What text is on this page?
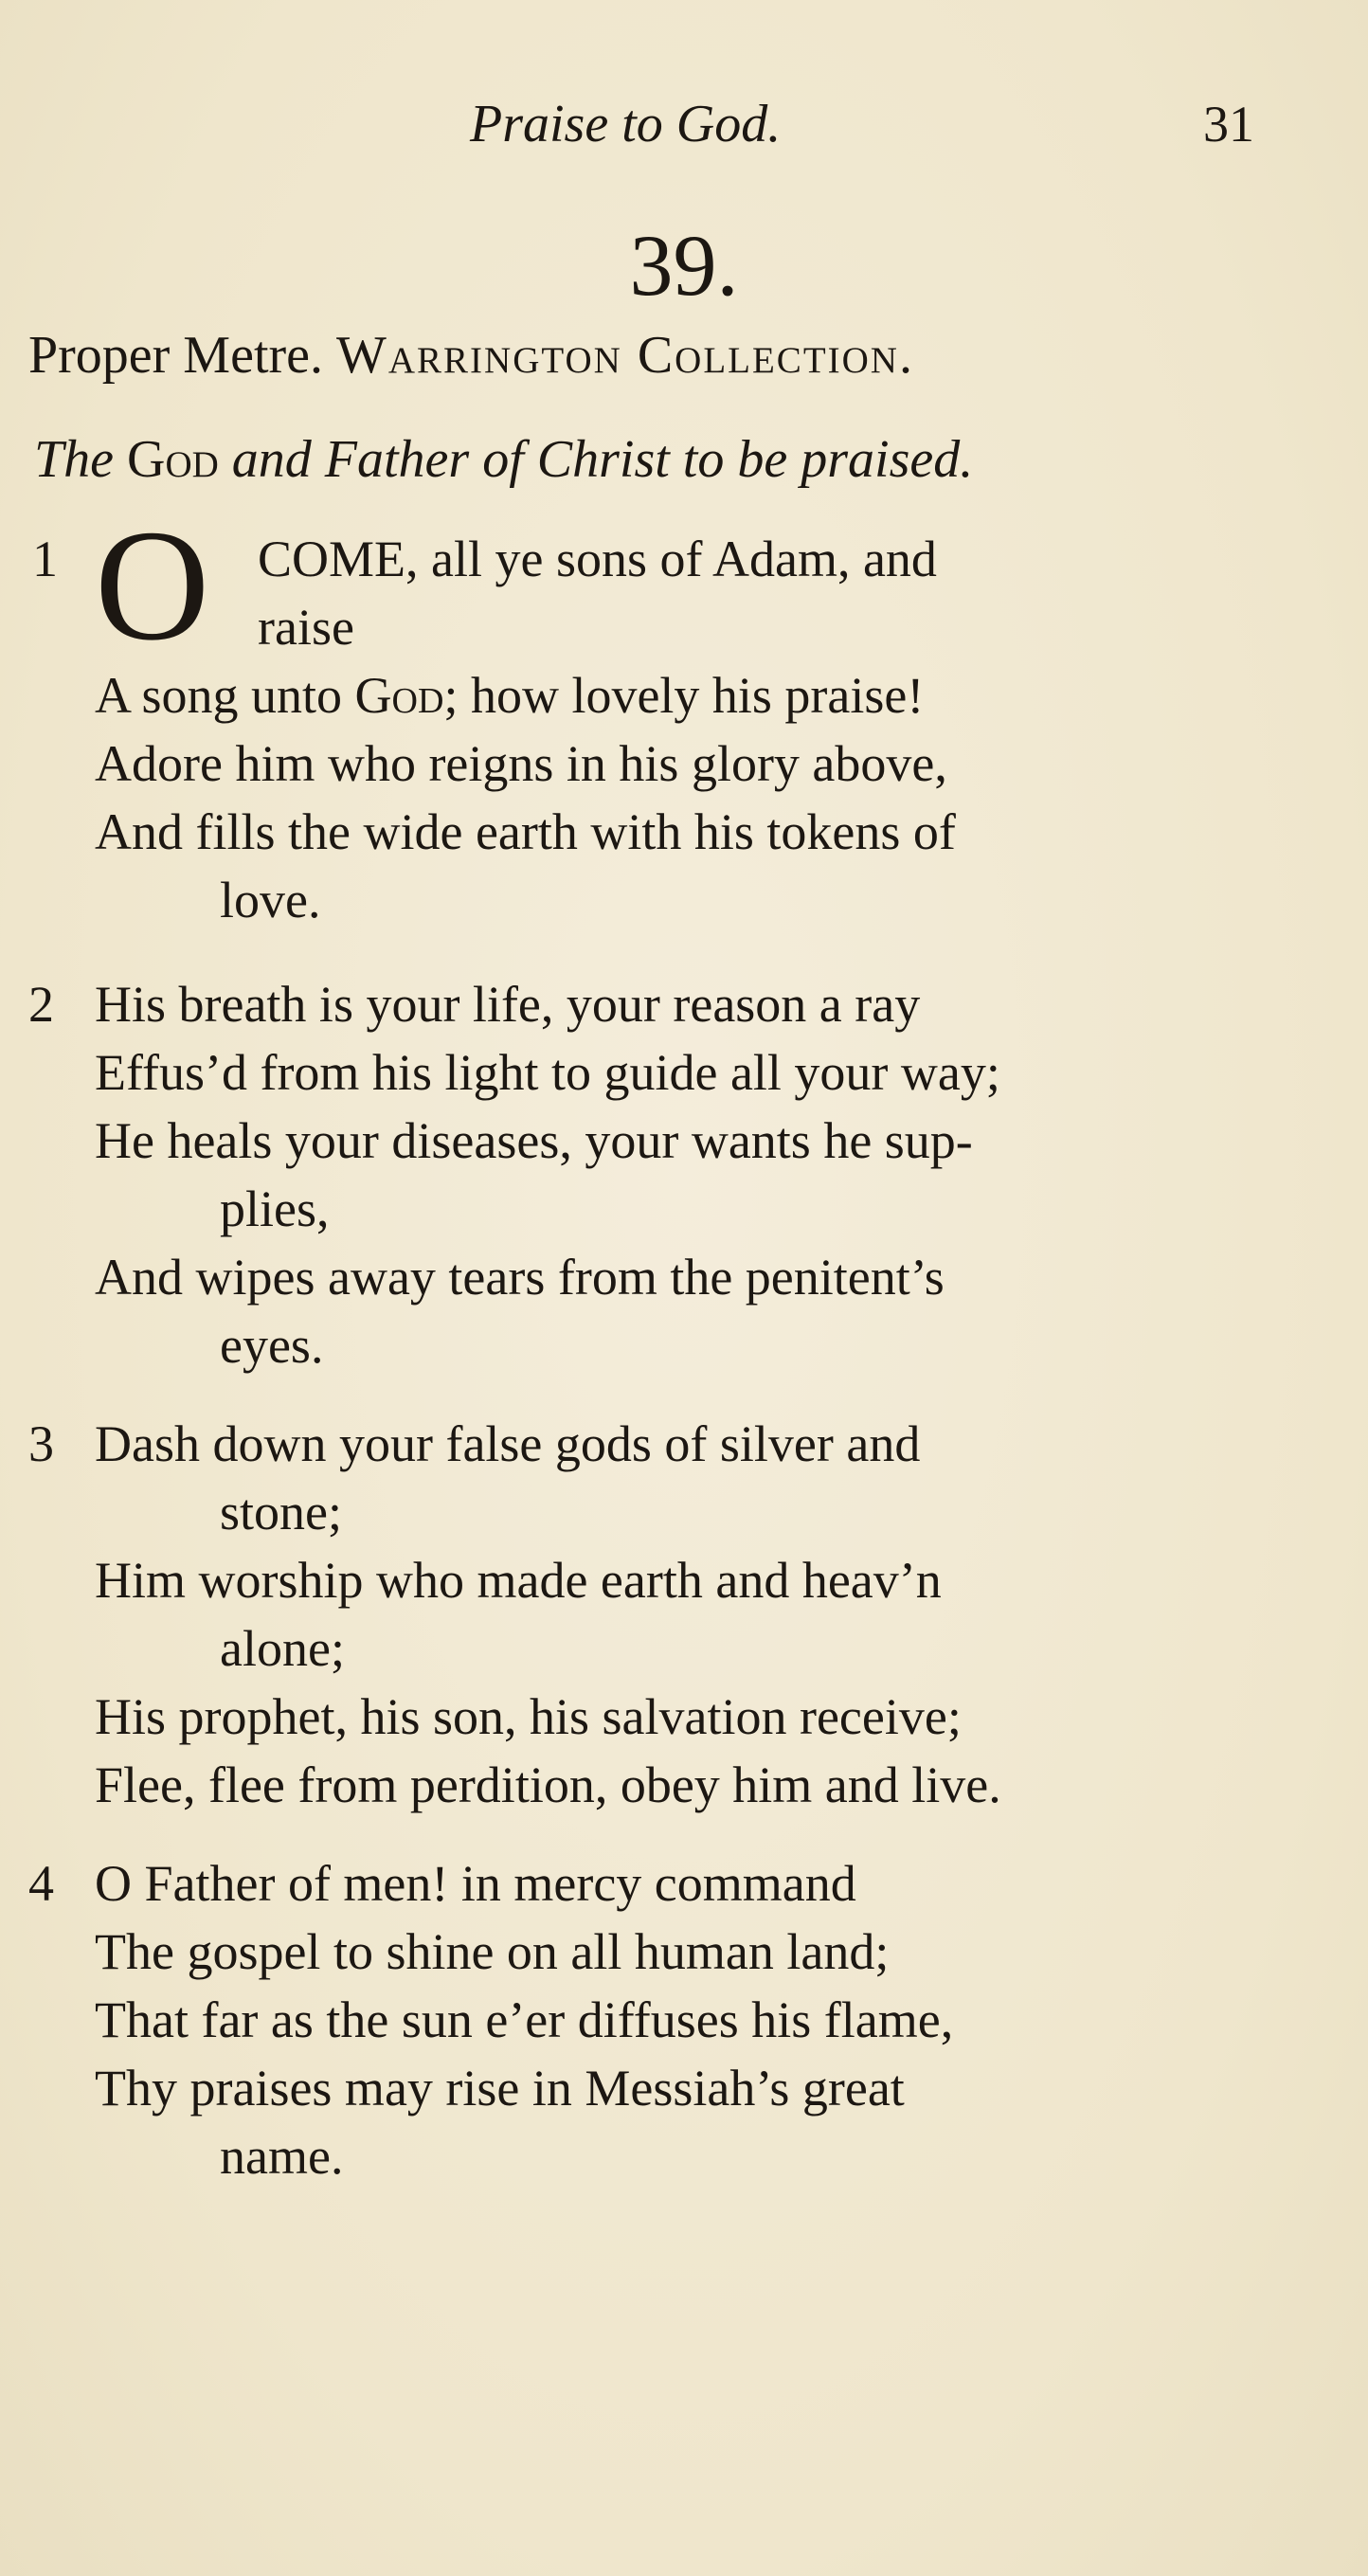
Praise to God.	31
39.
Proper Metre. Warrington Collection.
The God and Father of Christ to be praised.
1 O COME, all ye sons of Adam, and
raise
A song unto God; how lovely his praise!
Adore him who reigns in his glory above,
And fills the wide earth with his tokens of
love.
2 His breath is your life, your reason a ray
Effus’d from his light to guide all your way;
He heals your diseases, your wants he sup-
plies,
And wipes away tears from the penitent’s
eyes.
3 Dash down your false gods of silver and
stone;
Him worship who made earth and heav’n
alone;
His prophet, his son, his salvation receive;
Flee, flee from perdition, obey him and live.
4 O Father of men! in mercy command
The gospel to shine on all human land;
That far as the sun e’er diffuses his flame,
Thy praises may rise in Messiah’s great
name.
